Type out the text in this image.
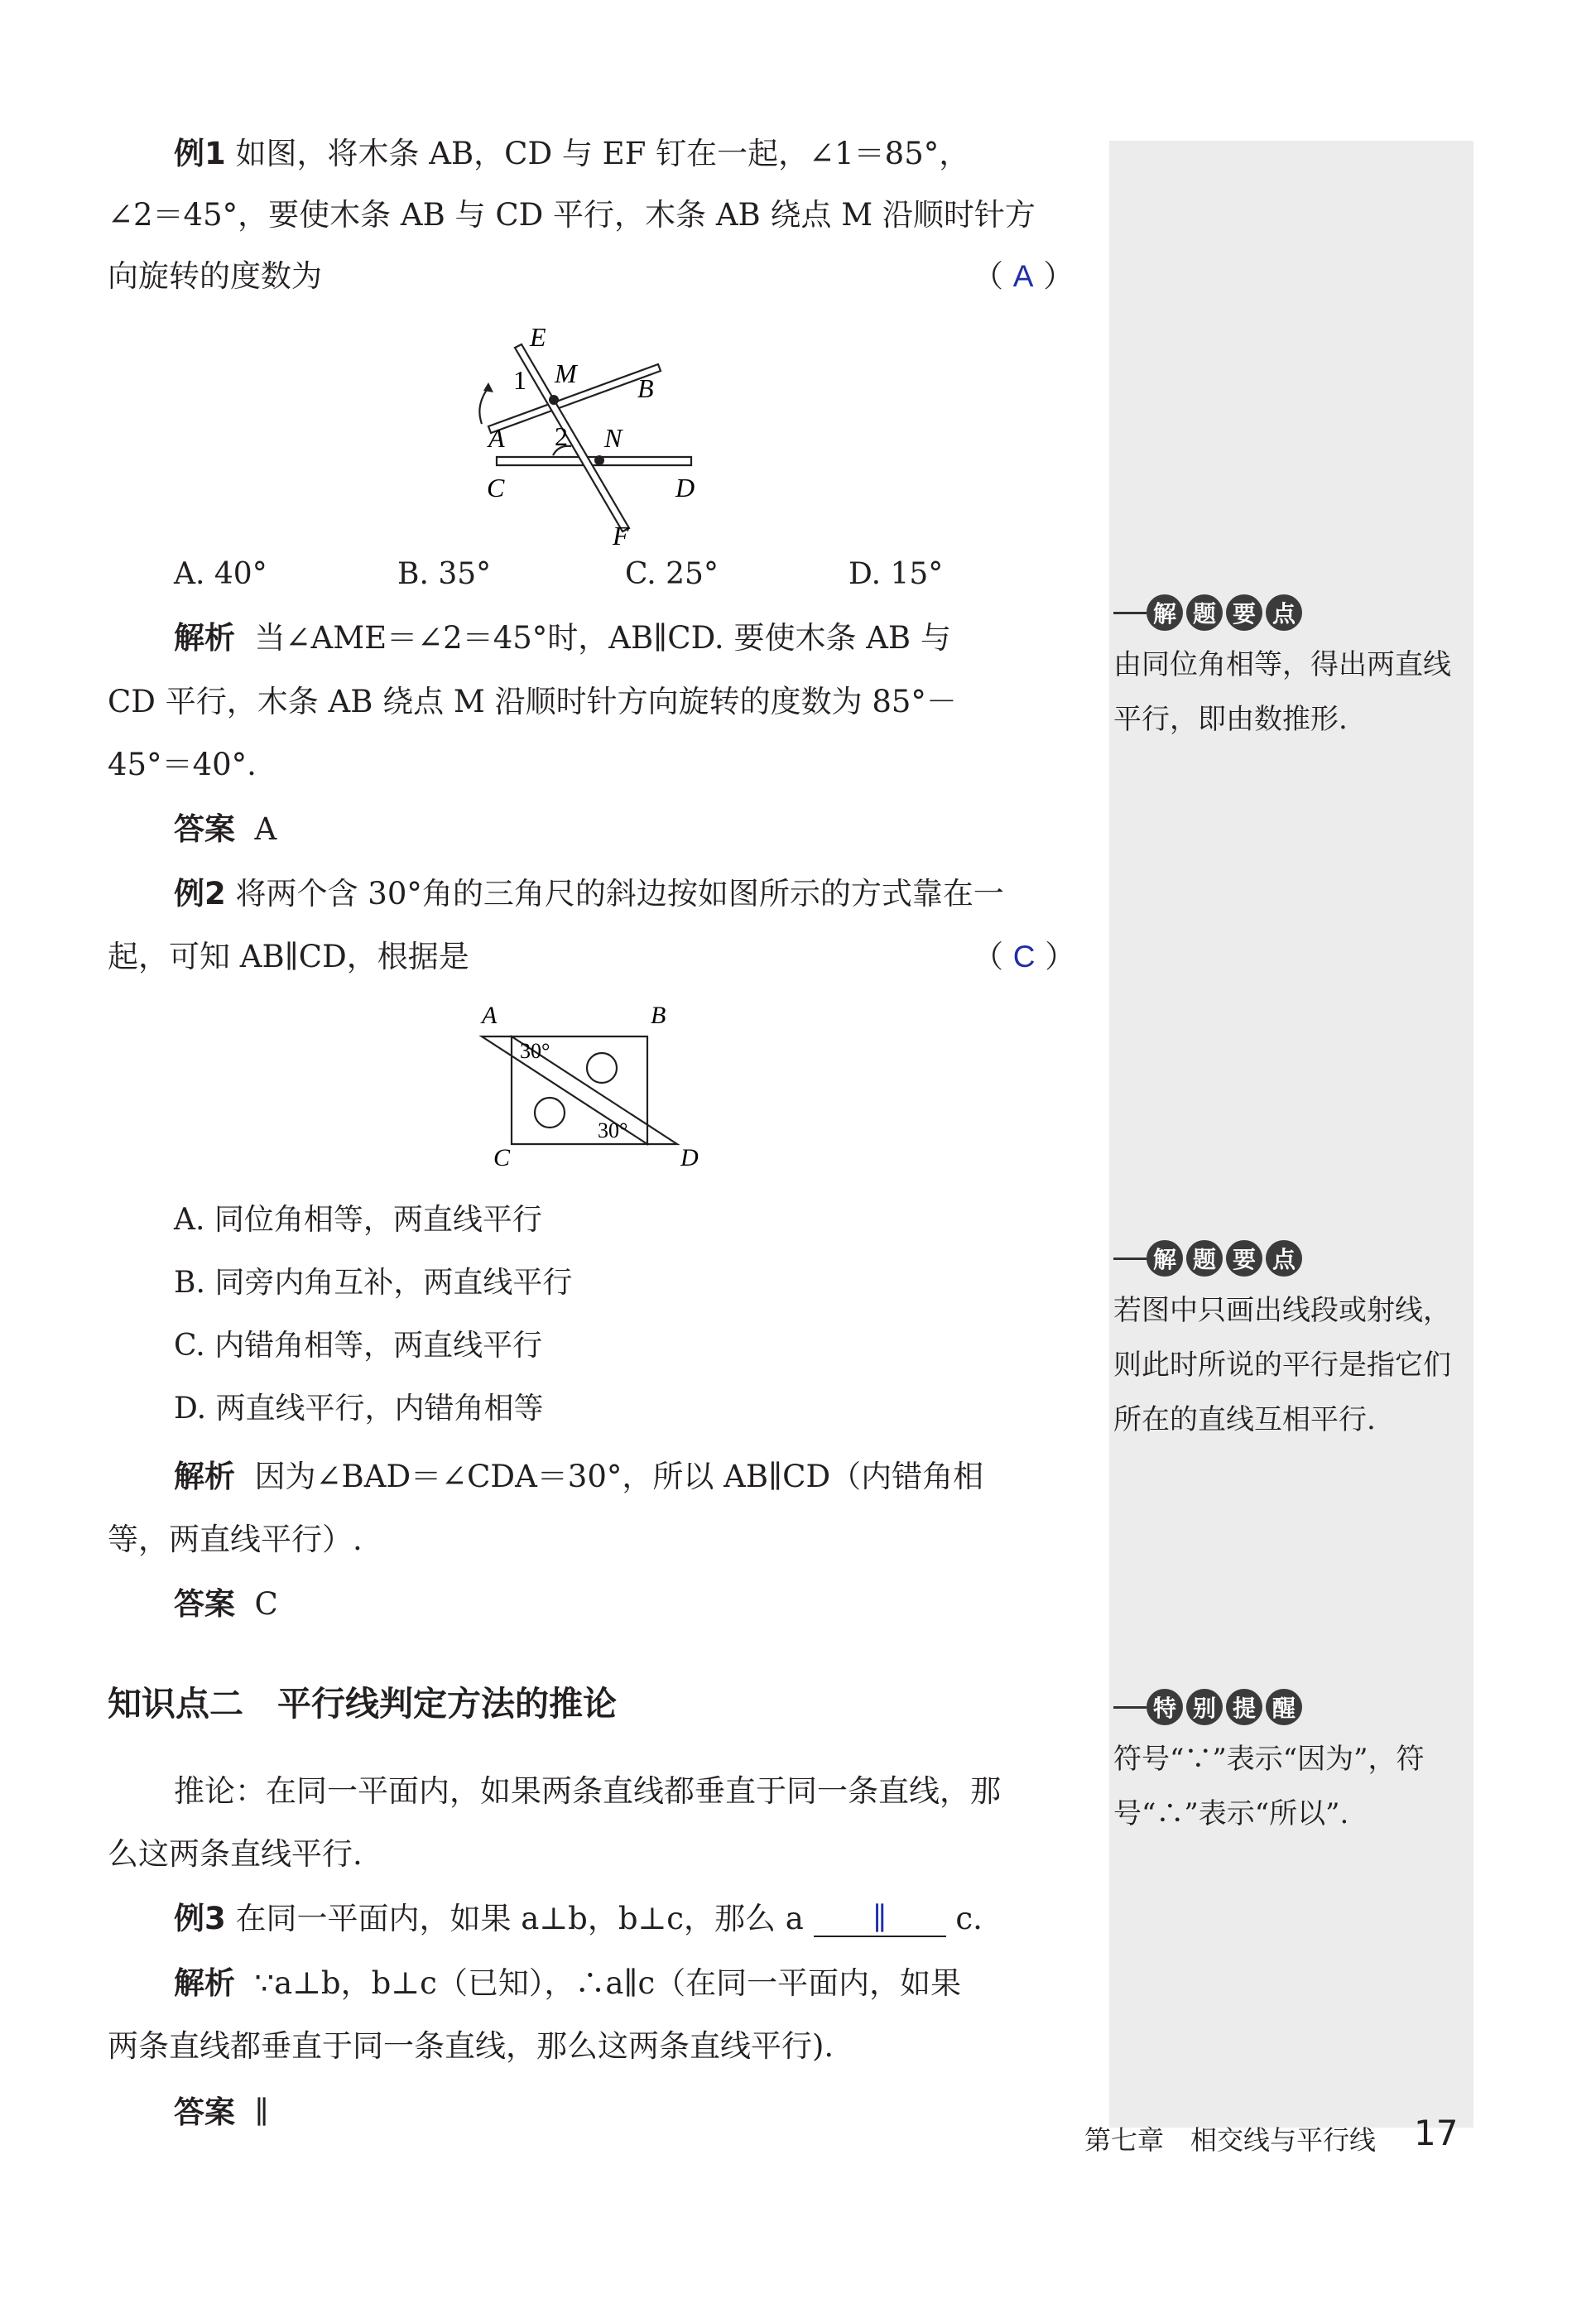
例1 如图，将木条 AB，CD 与 EF 钉在一起，∠1＝85°，
∠2＝45°，要使木条 AB 与 CD 平行，木条 AB 绕点 M 沿顺时针方
向旋转的度数为	（ A ）
E
M B
1
A 2 N
C	D
F
A. 40°	B. 35°	C. 25°	D. 15°
解析 当∠AME＝∠2＝45°时，AB∥CD. 要使木条 AB 与
CD 平行，木条 AB 绕点 M 沿顺时针方向旋转的度数为 85°－
45°＝40°.
答案 A
例2 将两个含 30°角的三角尺的斜边按如图所示的方式靠在一
起，可知 AB∥CD，根据是	（ C ）
A	B
C	D
30°
30°
A. 同位角相等，两直线平行
B. 同旁内角互补，两直线平行
C. 内错角相等，两直线平行
D. 两直线平行，内错角相等
解析 因为∠BAD＝∠CDA＝30°，所以 AB∥CD（内错角相
等，两直线平行）.
答案 C
知识点二　平行线判定方法的推论
推论：在同一平面内，如果两条直线都垂直于同一条直线，那
么这两条直线平行.
例3 在同一平面内，如果 a⊥b，b⊥c，那么 a ∥ c.
解析 ∵a⊥b，b⊥c（已知），∴a∥c（在同一平面内，如果
两条直线都垂直于同一条直线，那么这两条直线平行).
答案 ∥
解 题 要 点
由同位角相等，得出两直线
平行，即由数推形.
解 题 要 点
若图中只画出线段或射线，
则此时所说的平行是指它们
所在的直线互相平行.
特 别 提 醒
符号“∵”表示“因为”，符
号“∴”表示“所以”.
第七章　相交线与平行线 17
